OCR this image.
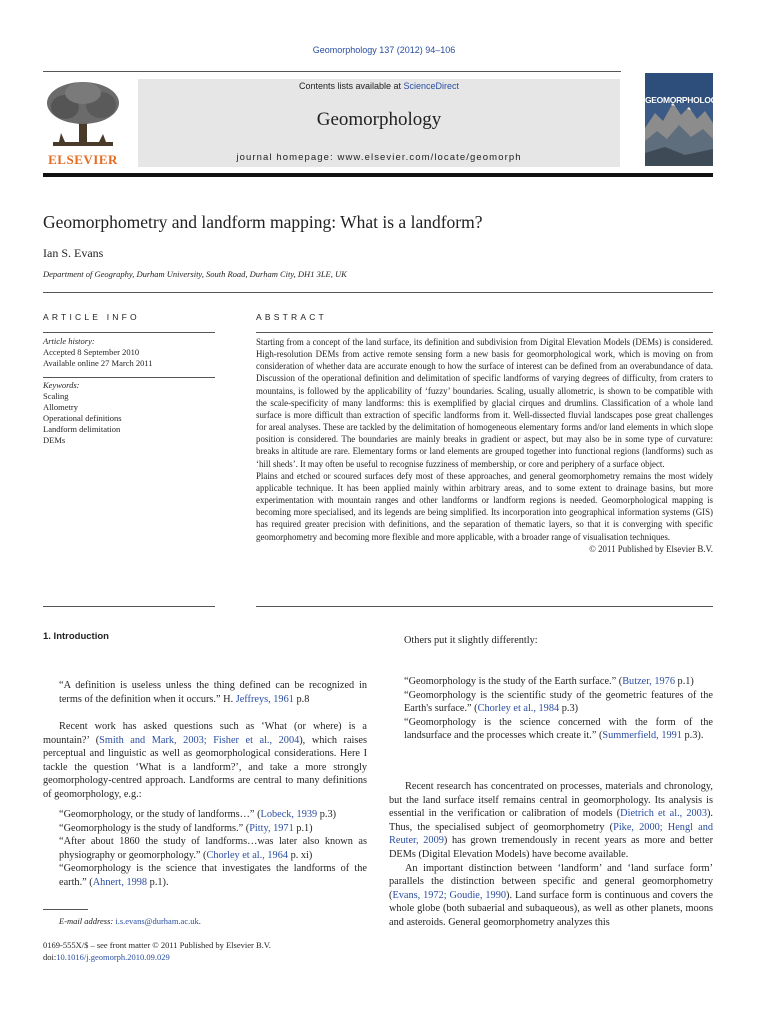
Geomorphology 137 (2012) 94–106
ELSEVIER
Contents lists available at ScienceDirect
Geomorphology
journal homepage: www.elsevier.com/locate/geomorph
GEOMORPHOLOGY
Geomorphometry and landform mapping: What is a landform?
Ian S. Evans
Department of Geography, Durham University, South Road, Durham City, DH1 3LE, UK
ARTICLE INFO
Article history:
Accepted 8 September 2010
Available online 27 March 2011
Keywords:
Scaling
Allometry
Operational definitions
Landform delimitation
DEMs
ABSTRACT

Starting from a concept of the land surface, its definition and subdivision from Digital Elevation Models (DEMs) is considered. High-resolution DEMs from active remote sensing form a new basis for geomorphological work, which is moving on from consideration of whether data are accurate enough to how the surface of interest can be defined from an overabundance of data. Discussion of the operational definition and delimitation of specific landforms of varying degrees of difficulty, from craters to mountains, is followed by the applicability of ‘fuzzy’ boundaries. Scaling, usually allometric, is shown to be compatible with the scale-specificity of many landforms: this is exemplified by glacial cirques and drumlins. Classification of a whole land surface is more difficult than extraction of specific landforms from it. Well-dissected fluvial landscapes pose great challenges for areal analyses. These are tackled by the delimitation of homogeneous elementary forms and/or land elements in which slope position is considered. The boundaries are mainly breaks in gradient or aspect, but may also be in some type of curvature: breaks in altitude are rare. Elementary forms or land elements are grouped together into functional regions (landforms) such as ‘hill sheds’. It may often be useful to recognise fuzziness of membership, or core and periphery of a surface object.

Plains and etched or scoured surfaces defy most of these approaches, and general geomorphometry remains the most widely applicable technique. It has been applied mainly within arbitrary areas, and to some extent to drainage basins, but more experimentation with mountain ranges and other landforms or landform regions is needed. Geomorphological mapping is becoming more specialised, and its legends are being simplified. Its incorporation into geographical information systems (GIS) has required greater precision with definitions, and the separation of thematic layers, so that it is converging with specific geomorphometry and becoming more flexible and more applicable, with a broader range of visualisation techniques.

© 2011 Published by Elsevier B.V.

1. Introduction
“A definition is useless unless the thing defined can be recognized in terms of the definition when it occurs.” H. Jeffreys, 1961 p.8

Recent work has asked questions such as ‘What (or where) is a mountain?’ (Smith and Mark, 2003; Fisher et al., 2004), which raises perceptual and linguistic as well as geomorphological considerations. Here I tackle the question ‘What is a landform?’, and take a more strongly geomorphology-centred approach. Landforms are central to many definitions of geomorphology, e.g.:

“Geomorphology, or the study of landforms…” (Lobeck, 1939 p.3)

“Geomorphology is the study of landforms.” (Pitty, 1971 p.1)

“After about 1860 the study of landforms…was later also known as physiography or geomorphology.” (Chorley et al., 1964 p. xi)

“Geomorphology is the science that investigates the landforms of the earth.” (Ahnert, 1998 p.1).

Others put it slightly differently:

“Geomorphology is the study of the Earth surface.” (Butzer, 1976 p.1)

“Geomorphology is the scientific study of the geometric features of the Earth's surface.” (Chorley et al., 1984 p.3)

“Geomorphology is the science concerned with the form of the landsurface and the processes which create it.” (Summerfield, 1991 p.3).

Recent research has concentrated on processes, materials and chronology, but the land surface itself remains central in geomorphology. Its analysis is essential in the verification or calibration of models (Dietrich et al., 2003). Thus, the specialised subject of geomorphometry (Pike, 2000; Hengl and Reuter, 2009) has grown tremendously in recent years as more and better DEMs (Digital Elevation Models) have become available.

An important distinction between ‘landform’ and ‘land surface form’ parallels the distinction between specific and general geomorphometry (Evans, 1972; Goudie, 1990). Land surface form is continuous and covers the whole globe (both subaerial and subaqueous), as well as other planets, moons and asteroids. General geomorphometry analyzes this

E-mail address: i.s.evans@durham.ac.uk.
0169-555X/$ – see front matter © 2011 Published by Elsevier B.V.
doi:10.1016/j.geomorph.2010.09.029
